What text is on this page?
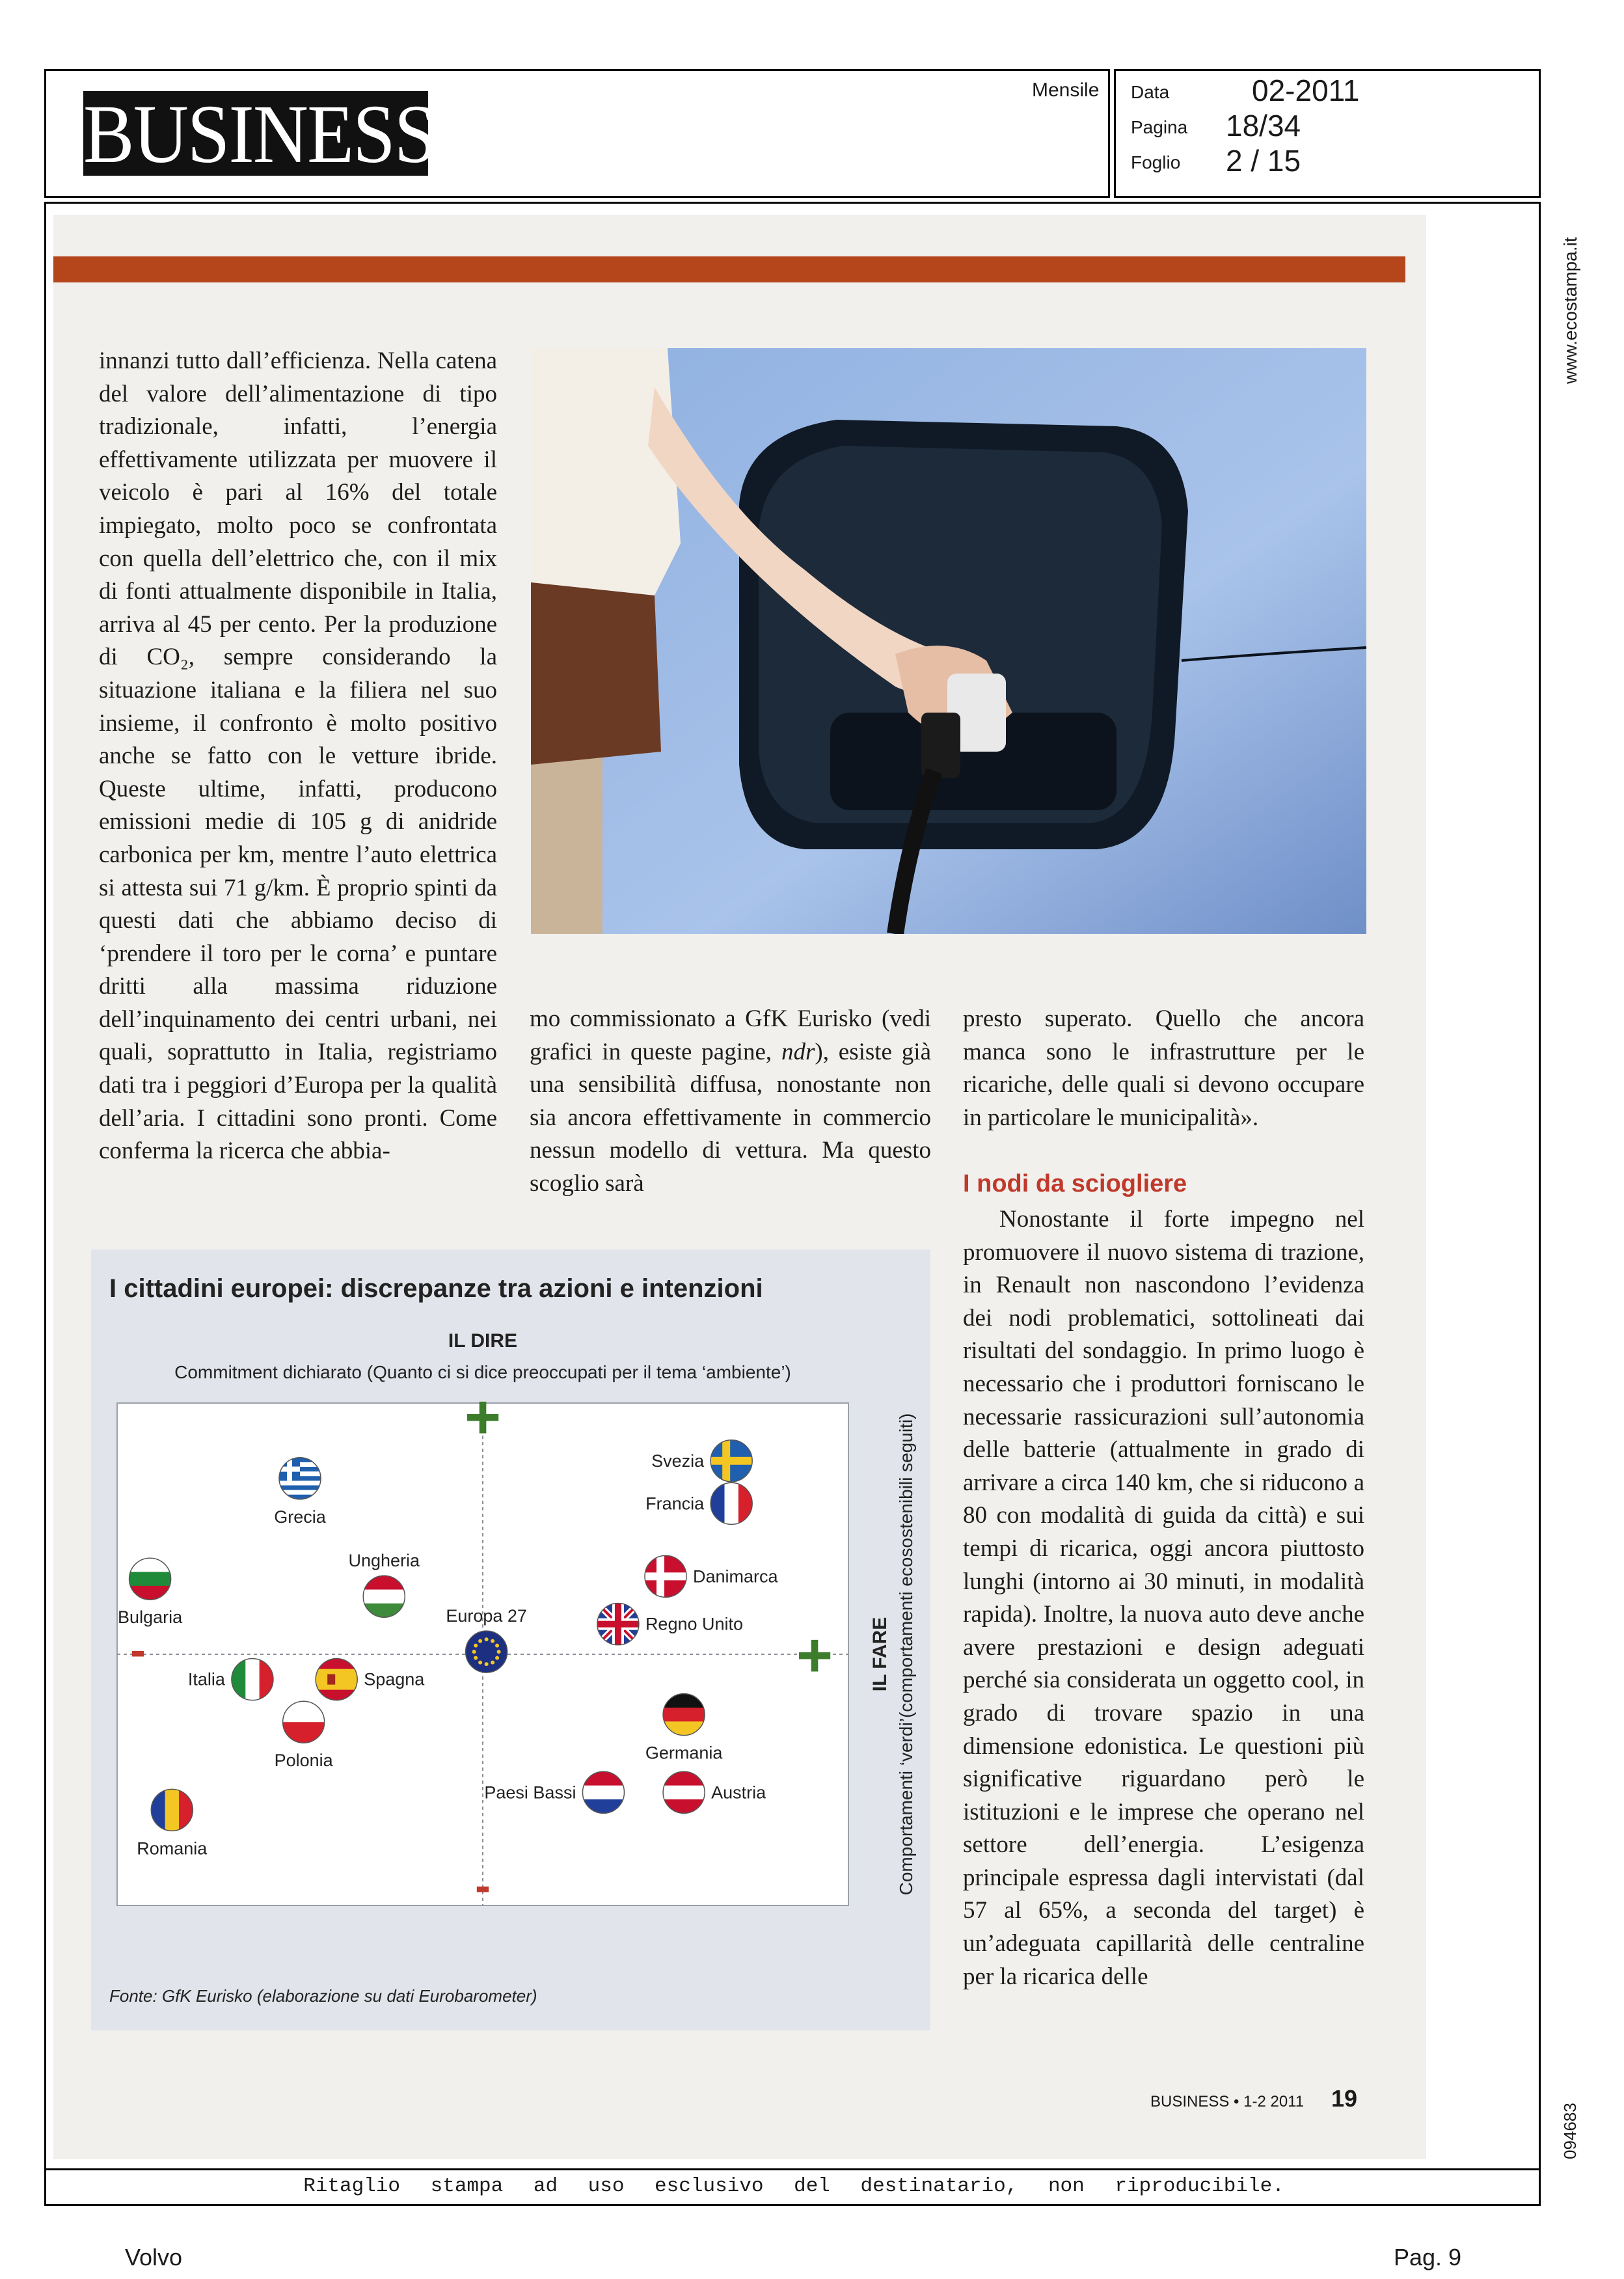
BUSINESS	Mensile Data	02-2011
Pagina 18/34
Foglio 2 / 15
www.ecostampa.it
094683

innanzi tutto dall’efficienza. Nella catena del valore dell’alimentazione di tipo tradizionale, infatti, l’energia effettivamente utilizzata per muovere il veicolo è pari al 16% del totale impiegato, molto poco se confrontata con quella dell’elettrico che, con il mix di fonti attualmente disponibile in Italia, arriva al 45 per cento. Per la produzione di CO₂, sempre considerando la situazione italiana e la filiera nel suo insieme, il confronto è molto positivo anche se fatto con le vetture ibride. Queste ultime, infatti, producono emissioni medie di 105 g di anidride carbonica per km, mentre l’auto elettrica si attesta sui 71 g/km. È proprio spinti da questi dati che abbiamo deciso di ‘prendere il toro per le corna’ e puntare dritti alla massima riduzione dell’inquinamento dei centri urbani, nei quali, soprattutto in Italia, registriamo dati tra i peggiori d’Europa per la qualità dell’aria. I cittadini sono pronti. Come conferma la ricerca che abbia-

mo commissionato a GfK Eurisko (vedi grafici in queste pagine, ndr), esiste già una sensibilità diffusa, nonostante non sia ancora effettivamente in commercio nessun modello di vettura. Ma questo scoglio sarà

presto superato. Quello che ancora manca sono le infrastrutture per le ricariche, delle quali si devono occupare in particolare le municipalità».

I nodi da sciogliere

Nonostante il forte impegno nel promuovere il nuovo sistema di trazione, in Renault non nascondono l’evidenza dei nodi problematici, sottolineati dai risultati del sondaggio. In primo luogo è necessario che i produttori forniscano le necessarie rassicurazioni sull’autonomia delle batterie (attualmente in grado di arrivare a circa 140 km, che si riducono a 80 con modalità di guida da città) e sui tempi di ricarica, oggi ancora piuttosto lunghi (intorno ai 30 minuti, in modalità rapida). Inoltre, la nuova auto deve anche avere prestazioni e design adeguati perché sia considerata un oggetto cool, in grado di trovare spazio in una dimensione edonistica. Le questioni più significative riguardano però le istituzioni e le imprese che operano nel settore dell’energia. L’esigenza principale espressa dagli intervistati (dal 57 al 65%, a seconda del target) è un’adeguata capillarità delle centraline per la ricarica delle

I cittadini europei: discrepanze tra azioni e intenzioni
IL DIRE
Commitment dichiarato (Quanto ci si dice preoccupati per il tema ‘ambiente’)
IL FARE Comportamenti ‘verdi’(comportamenti ecosostenibili seguiti)
+
+
-
-
Svezia
Francia
Grecia
Ungheria
Danimarca
Bulgaria	Regno Unito
Europa 27
Italia	Spagna
Polonia	Germania
Paesi Bassi	Austria
Romania
Fonte: GfK Eurisko (elaborazione su dati Eurobarometer)
BUSINESS • 1-2 2011 19
Ritaglio stampa ad uso esclusivo del destinatario, non riproducibile.
Volvo	Pag. 9
